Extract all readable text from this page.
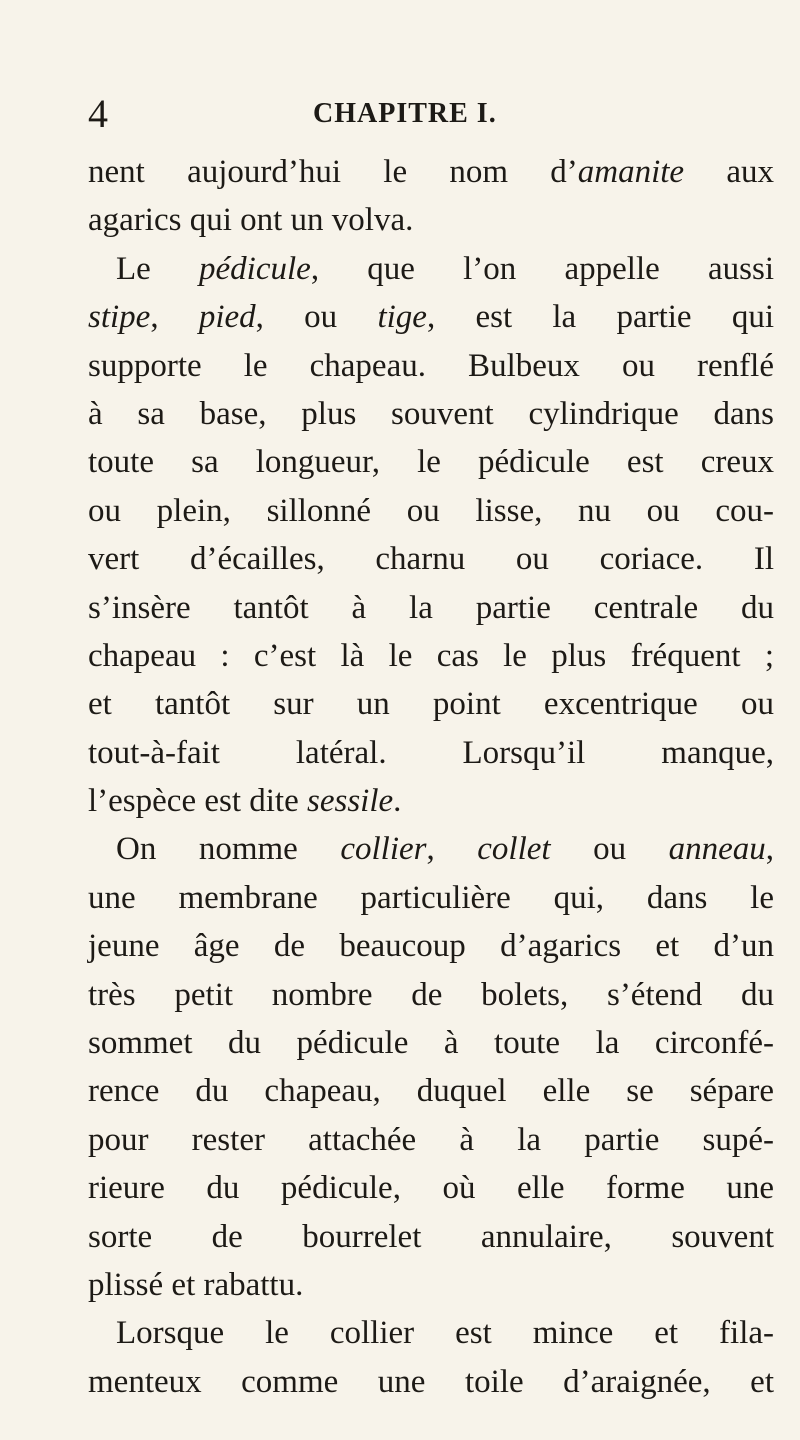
4	CHAPITRE I.
nent aujourd’hui le nom d’amanite aux
agarics qui ont un volva.
Le pédicule, que l’on appelle aussi
stipe, pied, ou tige, est la partie qui
supporte le chapeau. Bulbeux ou renflé
à sa base, plus souvent cylindrique dans
toute sa longueur, le pédicule est creux
ou plein, sillonné ou lisse, nu ou cou-
vert d’écailles, charnu ou coriace. Il
s’insère tantôt à la partie centrale du
chapeau : c’est là le cas le plus fréquent ;
et tantôt sur un point excentrique ou
tout-à-fait latéral. Lorsqu’il manque,
l’espèce est dite sessile.
On nomme collier, collet ou anneau,
une membrane particulière qui, dans le
jeune âge de beaucoup d’agarics et d’un
très petit nombre de bolets, s’étend du
sommet du pédicule à toute la circonfé-
rence du chapeau, duquel elle se sépare
pour rester attachée à la partie supé-
rieure du pédicule, où elle forme une
sorte de bourrelet annulaire, souvent
plissé et rabattu.
Lorsque le collier est mince et fila-
menteux comme une toile d’araignée, et
